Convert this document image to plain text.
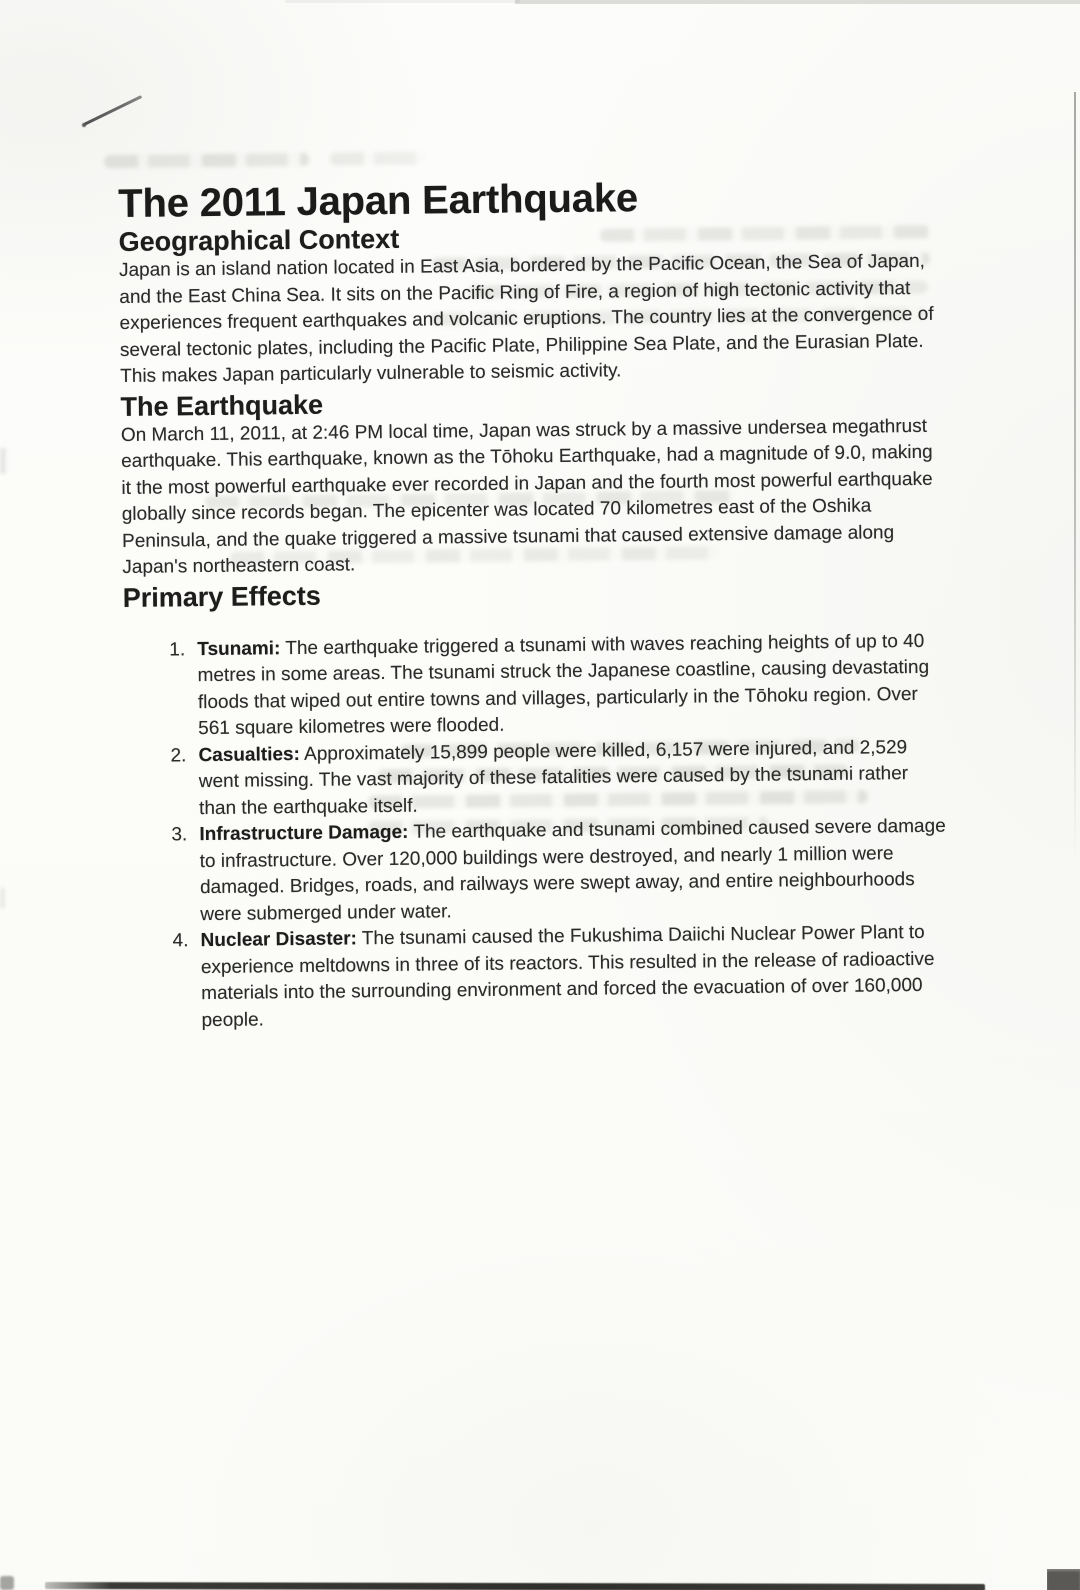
The 2011 Japan Earthquake
Geographical Context

Japan is an island nation located in East Asia, bordered by the Pacific Ocean, the Sea of Japan, and the East China Sea. It sits on the Pacific Ring of Fire, a region of high tectonic activity that experiences frequent earthquakes and volcanic eruptions. The country lies at the convergence of several tectonic plates, including the Pacific Plate, Philippine Sea Plate, and the Eurasian Plate. This makes Japan particularly vulnerable to seismic activity.

The Earthquake

On March 11, 2011, at 2:46 PM local time, Japan was struck by a massive undersea megathrust earthquake. This earthquake, known as the Tōhoku Earthquake, had a magnitude of 9.0, making it the most powerful earthquake ever recorded in Japan and the fourth most powerful earthquake globally since records began. The epicenter was located 70 kilometres east of the Oshika Peninsula, and the quake triggered a massive tsunami that caused extensive damage along Japan's northeastern coast.

Primary Effects
1. Tsunami: The earthquake triggered a tsunami with waves reaching heights of up to 40 metres in some areas. The tsunami struck the Japanese coastline, causing devastating floods that wiped out entire towns and villages, particularly in the Tōhoku region. Over 561 square kilometres were flooded.
2. Casualties: Approximately 15,899 people were killed, 6,157 were injured, and 2,529 went missing. The vast majority of these fatalities were caused by the tsunami rather than the earthquake itself.
3. Infrastructure Damage: The earthquake and tsunami combined caused severe damage to infrastructure. Over 120,000 buildings were destroyed, and nearly 1 million were damaged. Bridges, roads, and railways were swept away, and entire neighbourhoods were submerged under water.
4. Nuclear Disaster: The tsunami caused the Fukushima Daiichi Nuclear Power Plant to experience meltdowns in three of its reactors. This resulted in the release of radioactive materials into the surrounding environment and forced the evacuation of over 160,000 people.
